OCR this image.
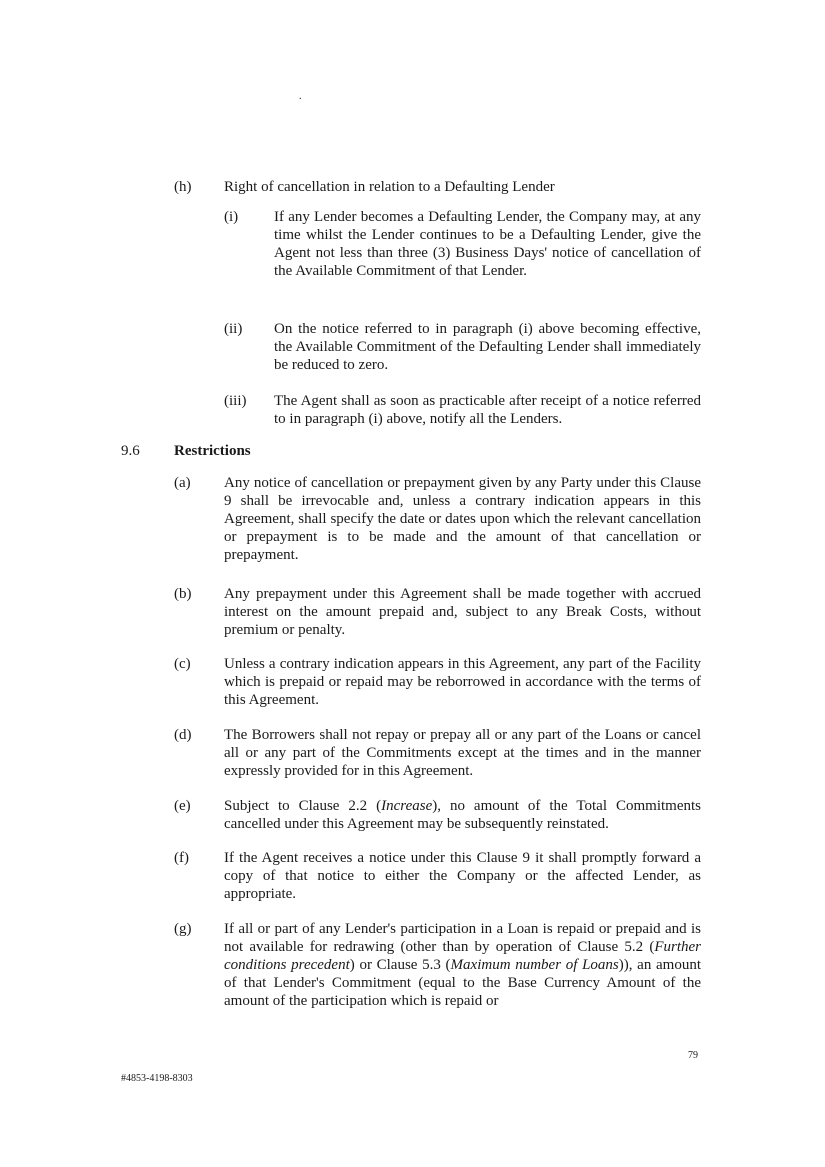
.
(h) Right of cancellation in relation to a Defaulting Lender
(i) If any Lender becomes a Defaulting Lender, the Company may, at any time whilst the Lender continues to be a Defaulting Lender, give the Agent not less than three (3) Business Days' notice of cancellation of the Available Commitment of that Lender.
(ii) On the notice referred to in paragraph (i) above becoming effective, the Available Commitment of the Defaulting Lender shall immediately be reduced to zero.
(iii) The Agent shall as soon as practicable after receipt of a notice referred to in paragraph (i) above, notify all the Lenders.
9.6 Restrictions
(a) Any notice of cancellation or prepayment given by any Party under this Clause 9 shall be irrevocable and, unless a contrary indication appears in this Agreement, shall specify the date or dates upon which the relevant cancellation or prepayment is to be made and the amount of that cancellation or prepayment.
(b) Any prepayment under this Agreement shall be made together with accrued interest on the amount prepaid and, subject to any Break Costs, without premium or penalty.
(c) Unless a contrary indication appears in this Agreement, any part of the Facility which is prepaid or repaid may be reborrowed in accordance with the terms of this Agreement.
(d) The Borrowers shall not repay or prepay all or any part of the Loans or cancel all or any part of the Commitments except at the times and in the manner expressly provided for in this Agreement.
(e) Subject to Clause 2.2 (Increase), no amount of the Total Commitments cancelled under this Agreement may be subsequently reinstated.
(f) If the Agent receives a notice under this Clause 9 it shall promptly forward a copy of that notice to either the Company or the affected Lender, as appropriate.
(g) If all or part of any Lender's participation in a Loan is repaid or prepaid and is not available for redrawing (other than by operation of Clause 5.2 (Further conditions precedent) or Clause 5.3 (Maximum number of Loans)), an amount of that Lender's Commitment (equal to the Base Currency Amount of the amount of the participation which is repaid or
79
#4853-4198-8303
